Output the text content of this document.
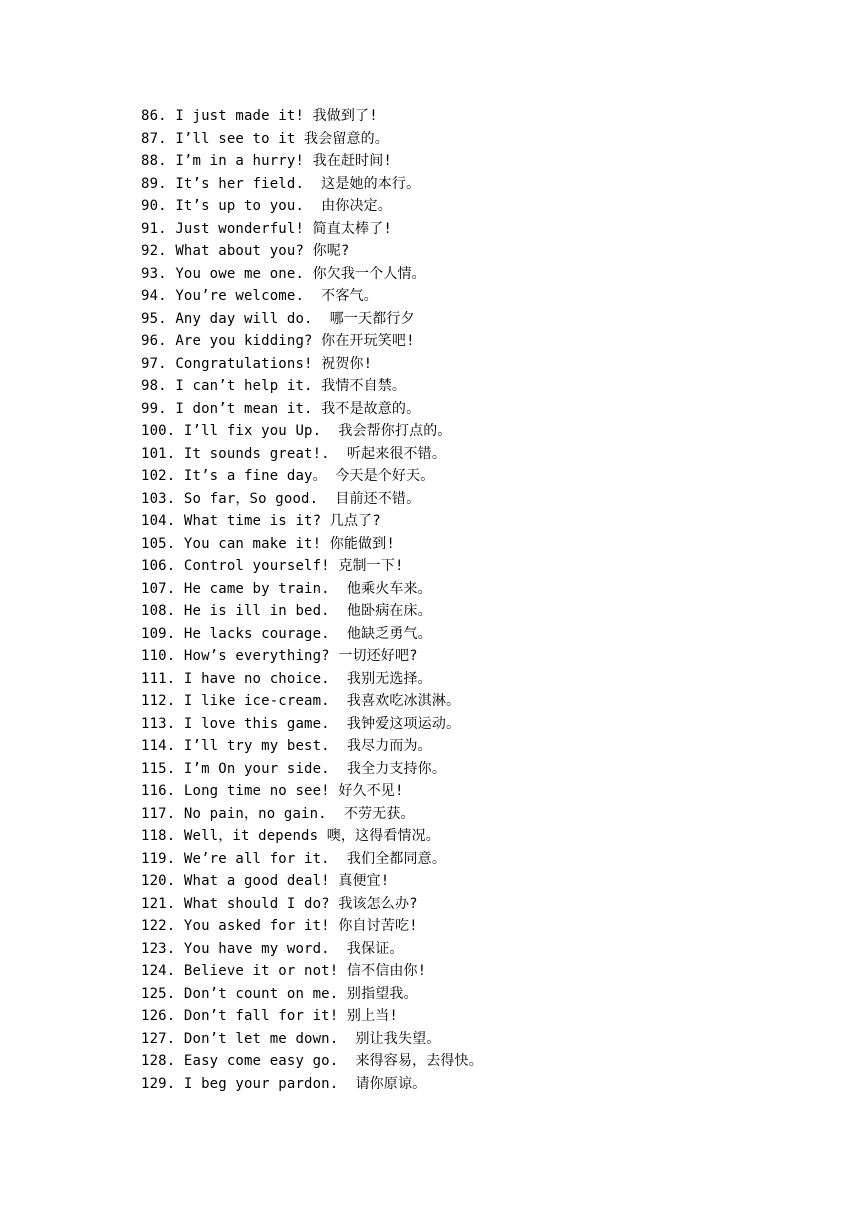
86. I just made it! 我做到了!
87. I’ll see to it 我会留意的。
88. I’m in a hurry! 我在赶时间!
89. It’s her field.  这是她的本行。
90. It’s up to you.  由你决定。
91. Just wonderful! 简直太棒了!
92. What about you? 你呢?
93. You owe me one. 你欠我一个人情。
94. You’re welcome.  不客气。
95. Any day will do.  哪一天都行夕
96. Are you kidding? 你在开玩笑吧!
97. Congratulations! 祝贺你!
98. I can’t help it. 我情不自禁。
99. I don’t mean it. 我不是故意的。
100. I’ll fix you Up.  我会帮你打点的。
101. It sounds great!.  听起来很不错。
102. It’s a fine day。 今天是个好天。
103. So far，So good.  目前还不错。
104. What time is it? 几点了?
105. You can make it! 你能做到!
106. Control yourself! 克制一下!
107. He came by train.  他乘火车来。
108. He is ill in bed.  他卧病在床。
109. He lacks courage.  他缺乏勇气。
110. How’s everything? 一切还好吧?
111. I have no choice.  我别无选择。
112. I like ice-cream.  我喜欢吃冰淇淋。
113. I love this game.  我钟爱这项运动。
114. I’ll try my best.  我尽力而为。
115. I’m On your side.  我全力支持你。
116. Long time no see! 好久不见!
117. No pain，no gain.  不劳无获。
118. Well，it depends 噢，这得看情况。
119. We’re all for it.  我们全都同意。
120. What a good deal! 真便宜!
121. What should I do? 我该怎么办?
122. You asked for it! 你自讨苦吃!
123. You have my word.  我保证。
124. Believe it or not! 信不信由你!
125. Don’t count on me. 别指望我。
126. Don’t fall for it! 别上当!
127. Don’t let me down.  别让我失望。
128. Easy come easy go.  来得容易，去得快。
129. I beg your pardon.  请你原谅。
